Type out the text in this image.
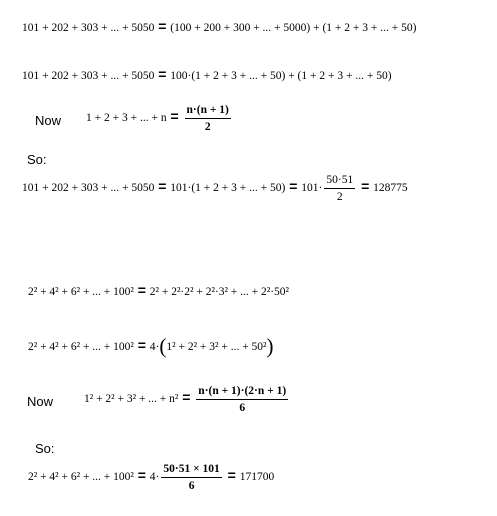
101 + 202 + 303 + ... + 5050 = (100 + 200 + 300 + ... + 5000) + (1 + 2 + 3 + ... + 50)
101 + 202 + 303 + ... + 5050 = 100·(1 + 2 + 3 + ... + 50) + (1 + 2 + 3 + ... + 50)
Now 1 + 2 + 3 + ... + $n = \frac{n\cdot(n + 1)}{2}$
So:
101 + 202 + 303 + ... + 5050 = 101·(1 + 2 + 3 + ... + $50) = 101\cdot \frac{50\cdot 51}{2} = 128775$
2² + 4² + 6² + ... + 100² = 2² + 2²·2² + 2²·3² + ... + 2²·50²
2² + 4² + 6² + ... + 100² = 4·(1² + 2² + 3² + ... + 50²)
Now	1² + 2² + 3² + ... + $n^2 = \frac{n\cdot(n + 1)\cdot(2\cdot n + 1)}{6}$
So:
2² + 4² + 6² + ... + $100^2 = 4\cdot \frac{50\cdot 51 \times 101}{6} = 171700$
